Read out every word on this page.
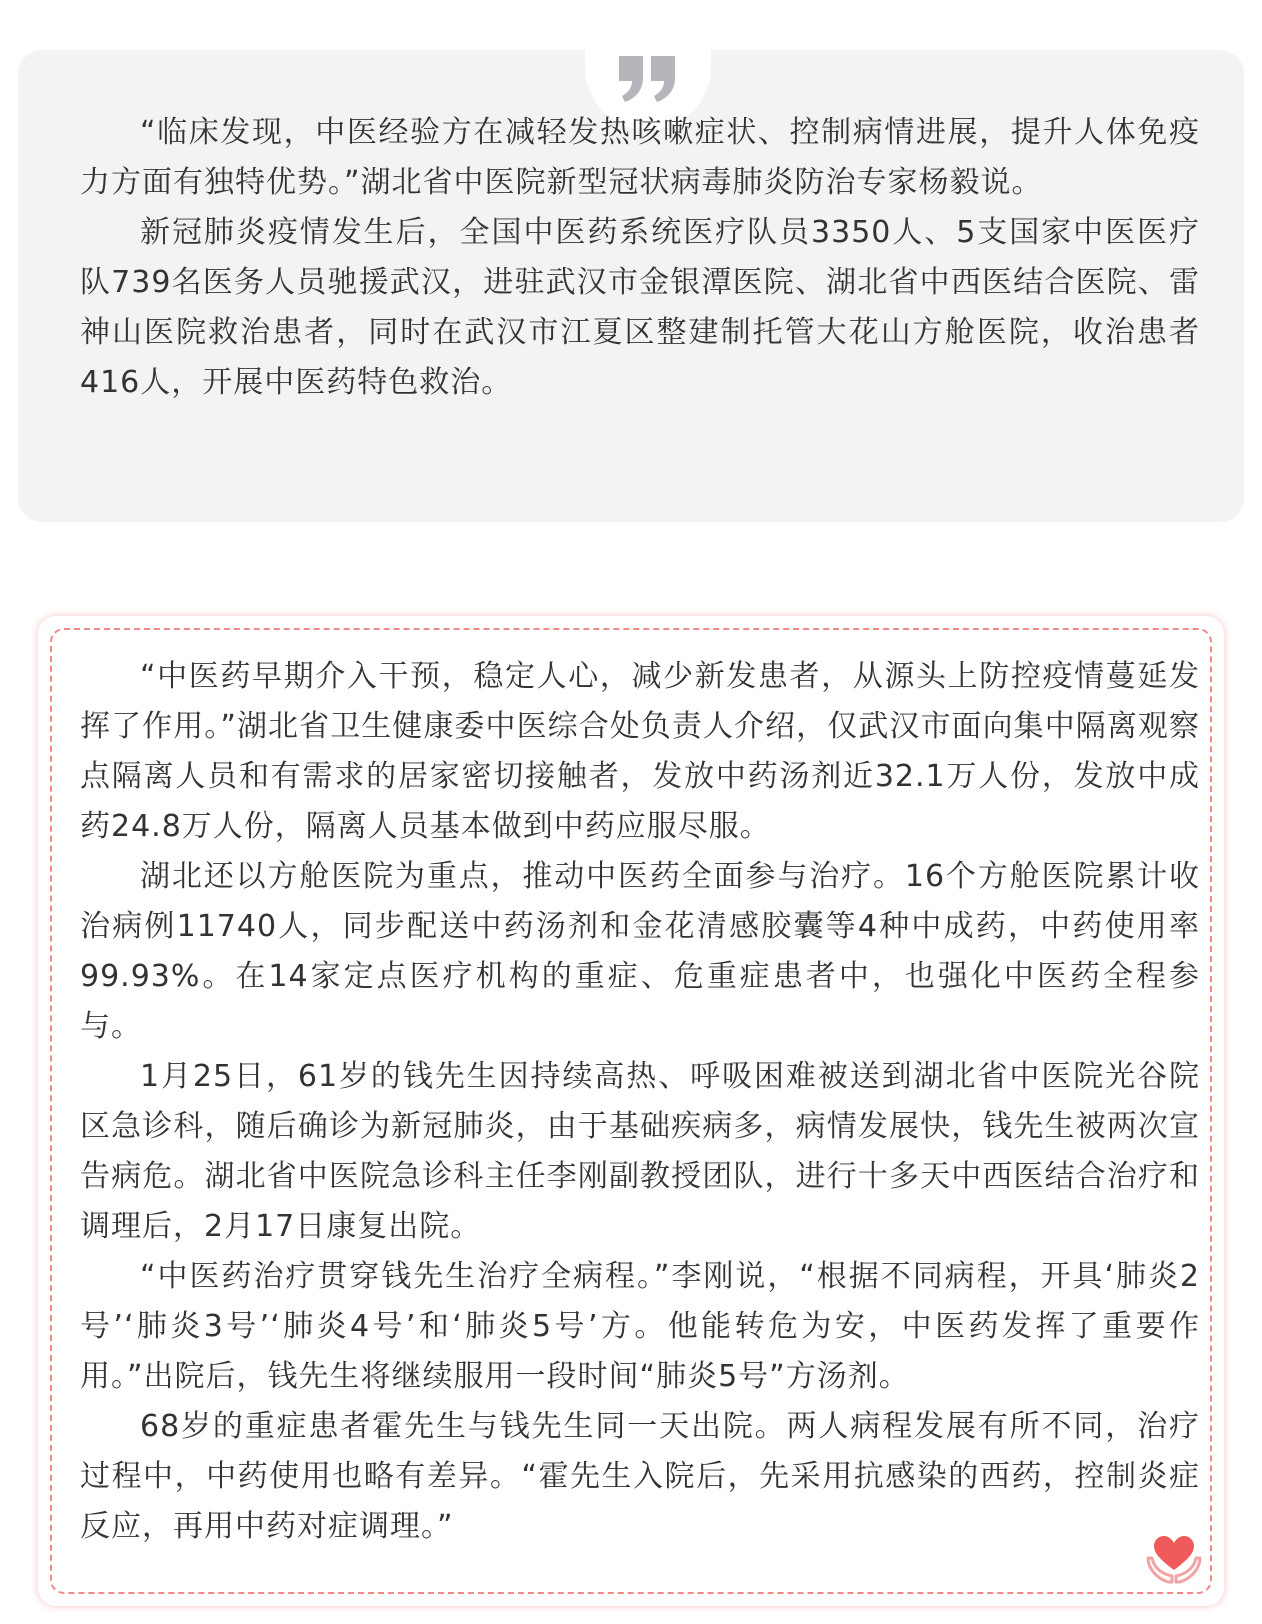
“临床发现，中医经验方在减轻发热咳嗽症状、控制病情进展，提升人体免疫力方面有独特优势。”湖北省中医院新型冠状病毒肺炎防治专家杨毅说。

新冠肺炎疫情发生后，全国中医药系统医疗队员3350人、5支国家中医医疗队739名医务人员驰援武汉，进驻武汉市金银潭医院、湖北省中西医结合医院、雷神山医院救治患者，同时在武汉市江夏区整建制托管大花山方舱医院，收治患者416人，开展中医药特色救治。

“中医药早期介入干预，稳定人心，减少新发患者，从源头上防控疫情蔓延发挥了作用。”湖北省卫生健康委中医综合处负责人介绍，仅武汉市面向集中隔离观察点隔离人员和有需求的居家密切接触者，发放中药汤剂近32.1万人份，发放中成药24.8万人份，隔离人员基本做到中药应服尽服。

湖北还以方舱医院为重点，推动中医药全面参与治疗。16个方舱医院累计收治病例11740人，同步配送中药汤剂和金花清感胶囊等4种中成药，中药使用率99.93%。在14家定点医疗机构的重症、危重症患者中，也强化中医药全程参与。

1月25日，61岁的钱先生因持续高热、呼吸困难被送到湖北省中医院光谷院区急诊科，随后确诊为新冠肺炎，由于基础疾病多，病情发展快，钱先生被两次宣告病危。湖北省中医院急诊科主任李刚副教授团队，进行十多天中西医结合治疗和调理后，2月17日康复出院。

“中医药治疗贯穿钱先生治疗全病程。”李刚说，“根据不同病程，开具‘肺炎2号’‘肺炎3号’‘肺炎4号’和‘肺炎5号’方。他能转危为安，中医药发挥了重要作用。”出院后，钱先生将继续服用一段时间“肺炎5号”方汤剂。

68岁的重症患者霍先生与钱先生同一天出院。两人病程发展有所不同，治疗过程中，中药使用也略有差异。“霍先生入院后，先采用抗感染的西药，控制炎症反应，再用中药对症调理。”
